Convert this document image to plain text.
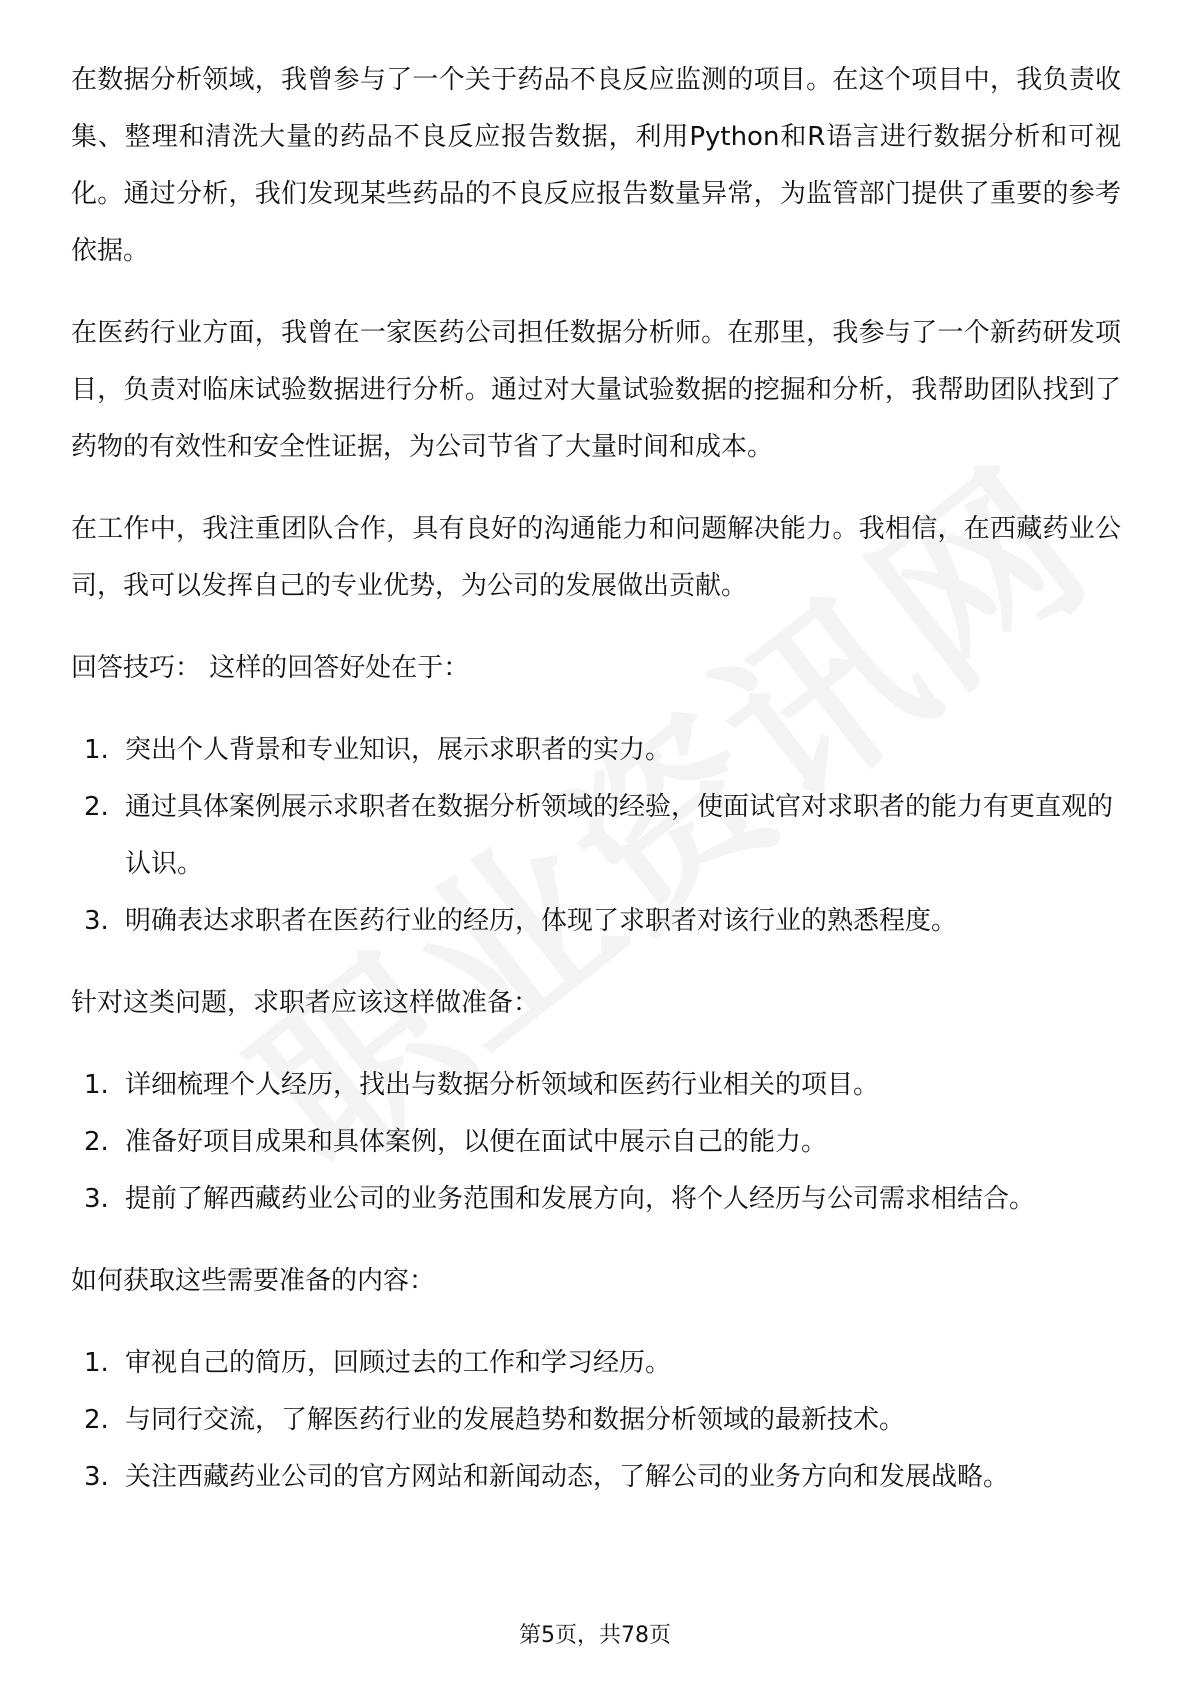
在数据分析领域，我曾参与了一个关于药品不良反应监测的项目。在这个项目中，我负责收集、整理和清洗大量的药品不良反应报告数据，利用Python和R语言进行数据分析和可视化。通过分析，我们发现某些药品的不良反应报告数量异常，为监管部门提供了重要的参考依据。

在医药行业方面，我曾在一家医药公司担任数据分析师。在那里，我参与了一个新药研发项目，负责对临床试验数据进行分析。通过对大量试验数据的挖掘和分析，我帮助团队找到了药物的有效性和安全性证据，为公司节省了大量时间和成本。

在工作中，我注重团队合作，具有良好的沟通能力和问题解决能力。我相信，在西藏药业公司，我可以发挥自己的专业优势，为公司的发展做出贡献。

回答技巧： 这样的回答好处在于：

1. 突出个人背景和专业知识，展示求职者的实力。
2. 通过具体案例展示求职者在数据分析领域的经验，使面试官对求职者的能力有更直观的认识。
3. 明确表达求职者在医药行业的经历，体现了求职者对该行业的熟悉程度。

针对这类问题，求职者应该这样做准备：

1. 详细梳理个人经历，找出与数据分析领域和医药行业相关的项目。
2. 准备好项目成果和具体案例，以便在面试中展示自己的能力。
3. 提前了解西藏药业公司的业务范围和发展方向，将个人经历与公司需求相结合。

如何获取这些需要准备的内容：

1. 审视自己的简历，回顾过去的工作和学习经历。
2. 与同行交流，了解医药行业的发展趋势和数据分析领域的最新技术。
3. 关注西藏药业公司的官方网站和新闻动态，了解公司的业务方向和发展战略。
第5页，共78页
